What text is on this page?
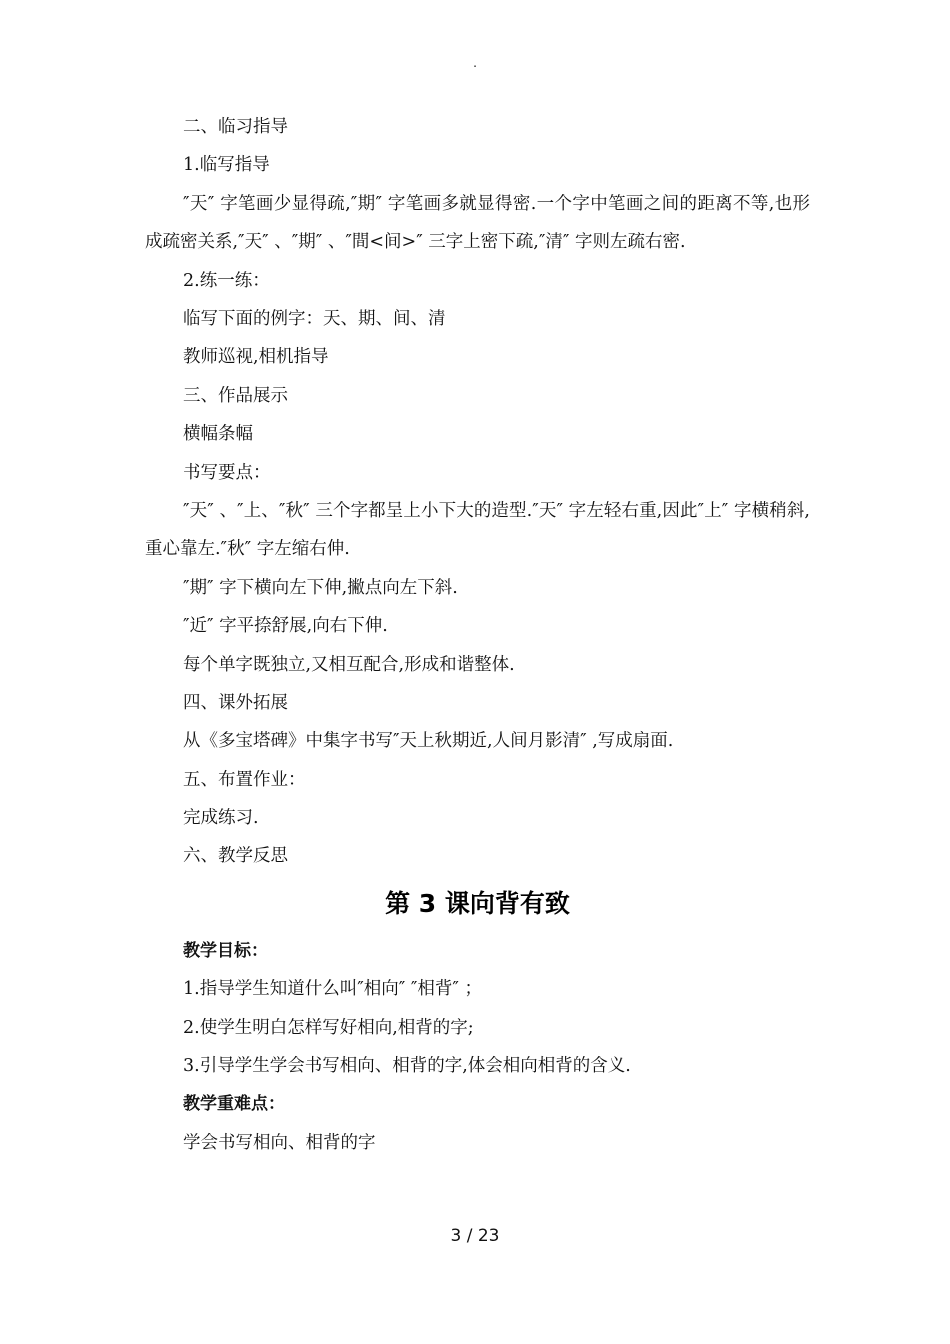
.

二、临习指导

1.临写指导

″天″ 字笔画少显得疏,″期″ 字笔画多就显得密.一个字中笔画之间的距离不等,也形成疏密关系,″天″ 、″期″ 、″間<间>″ 三字上密下疏,″清″ 字则左疏右密.

2.练一练：

临写下面的例字：天、期、间、清

教师巡视,相机指导

三、作品展示

横幅条幅

书写要点：

″天″ 、″上、″秋″ 三个字都呈上小下大的造型.″天″ 字左轻右重,因此″上″ 字横稍斜,重心靠左.″秋″ 字左缩右伸.

″期″ 字下横向左下伸,撇点向左下斜.

″近″ 字平捺舒展,向右下伸.

每个单字既独立,又相互配合,形成和谐整体.

四、课外拓展

从《多宝塔碑》中集字书写″天上秋期近,人间月影清″ ,写成扇面.

五、布置作业：

完成练习.

六、教学反思

第 3 课向背有致

教学目标：

1.指导学生知道什么叫″相向″ ″相背″ ；

2.使学生明白怎样写好相向,相背的字;

3.引导学生学会书写相向、相背的字,体会相向相背的含义.

教学重难点：

学会书写相向、相背的字

3 / 23
